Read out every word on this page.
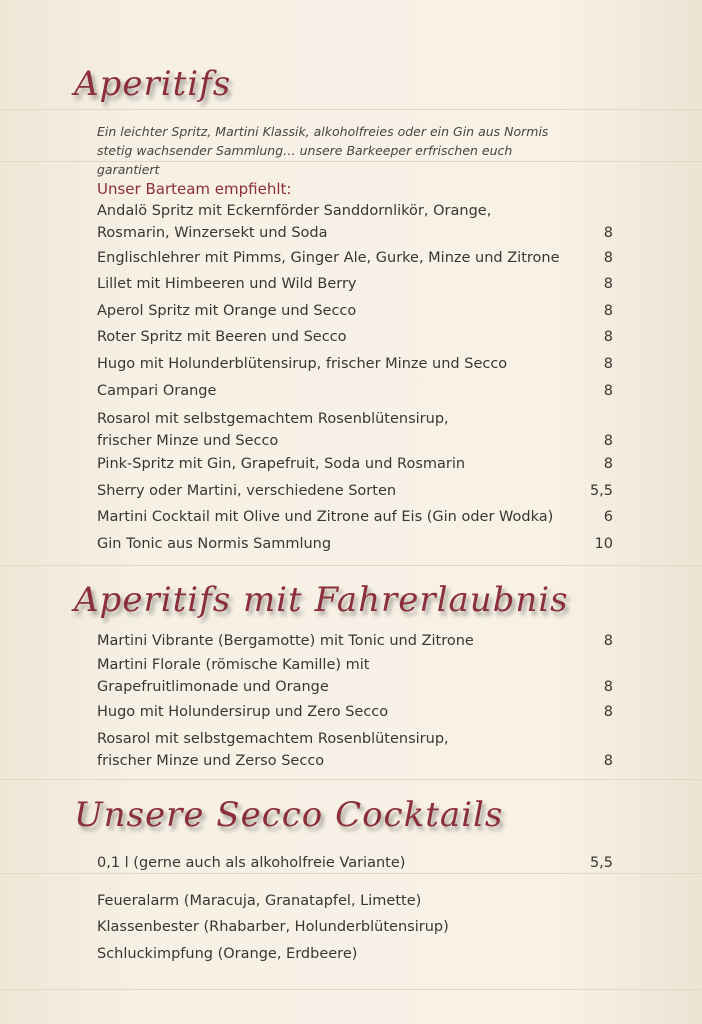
Aperitifs
Ein leichter Spritz, Martini Klassik, alkoholfreies oder ein Gin aus Normis stetig wachsender Sammlung… unsere Barkeeper erfrischen euch garantiert
Unser Barteam empfiehlt:
Andalö Spritz mit Eckernförder Sanddornlikör, Orange, Rosmarin, Winzersekt und Soda	8
Englischlehrer mit Pimms, Ginger Ale, Gurke, Minze und Zitrone	8
Lillet mit Himbeeren und Wild Berry	8
Aperol Spritz mit Orange und Secco	8
Roter Spritz mit Beeren und Secco	8
Hugo mit Holunderblütensirup, frischer Minze und Secco	8
Campari Orange	8
Rosarol mit selbstgemachtem Rosenblütensirup, frischer Minze und Secco	8
Pink-Spritz mit Gin, Grapefruit, Soda und Rosmarin	8
Sherry oder Martini, verschiedene Sorten	5,5
Martini Cocktail mit Olive und Zitrone auf Eis (Gin oder Wodka)	6
Gin Tonic aus Normis Sammlung	10
Aperitifs mit Fahrerlaubnis
Martini Vibrante (Bergamotte) mit Tonic und Zitrone	8
Martini Florale (römische Kamille) mit Grapefruitlimonade und Orange	8
Hugo mit Holundersirup und Zero Secco	8
Rosarol mit selbstgemachtem Rosenblütensirup, frischer Minze und Zerso Secco	8
Unsere Secco Cocktails
0,1 l (gerne auch als alkoholfreie Variante)	5,5
Feueralarm (Maracuja, Granatapfel, Limette)
Klassenbester (Rhabarber, Holunderblütensirup)
Schluckimpfung (Orange, Erdbeere)
